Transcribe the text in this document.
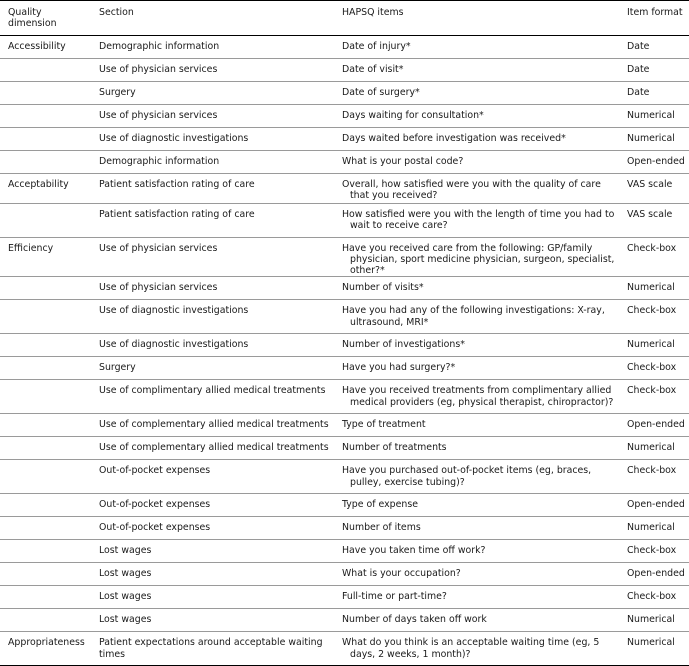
Quality dimension	Section	HAPSQ items	Item format
Accessibility	Demographic information	Date of injury*	Date
	Use of physician services	Date of visit*	Date
	Surgery	Date of surgery*	Date
	Use of physician services	Days waiting for consultation*	Numerical
	Use of diagnostic investigations	Days waited before investigation was received*	Numerical
	Demographic information	What is your postal code?	Open-ended
Acceptability	Patient satisfaction rating of care	Overall, how satisfied were you with the quality of care that you received?	VAS scale
	Patient satisfaction rating of care	How satisfied were you with the length of time you had to wait to receive care?	VAS scale
Efficiency	Use of physician services	Have you received care from the following: GP/family physician, sport medicine physician, surgeon, specialist, other?*	Check-box
	Use of physician services	Number of visits*	Numerical
	Use of diagnostic investigations	Have you had any of the following investigations: X-ray, ultrasound, MRI*	Check-box
	Use of diagnostic investigations	Number of investigations*	Numerical
	Surgery	Have you had surgery?*	Check-box
	Use of complimentary allied medical treatments	Have you received treatments from complimentary allied medical providers (eg, physical therapist, chiropractor)?	Check-box
	Use of complementary allied medical treatments	Type of treatment	Open-ended
	Use of complementary allied medical treatments	Number of treatments	Numerical
	Out-of-pocket expenses	Have you purchased out-of-pocket items (eg, braces, pulley, exercise tubing)?	Check-box
	Out-of-pocket expenses	Type of expense	Open-ended
	Out-of-pocket expenses	Number of items	Numerical
	Lost wages	Have you taken time off work?	Check-box
	Lost wages	What is your occupation?	Open-ended
	Lost wages	Full-time or part-time?	Check-box
	Lost wages	Number of days taken off work	Numerical
Appropriateness	Patient expectations around acceptable waiting times	What do you think is an acceptable waiting time (eg, 5 days, 2 weeks, 1 month)?	Numerical
